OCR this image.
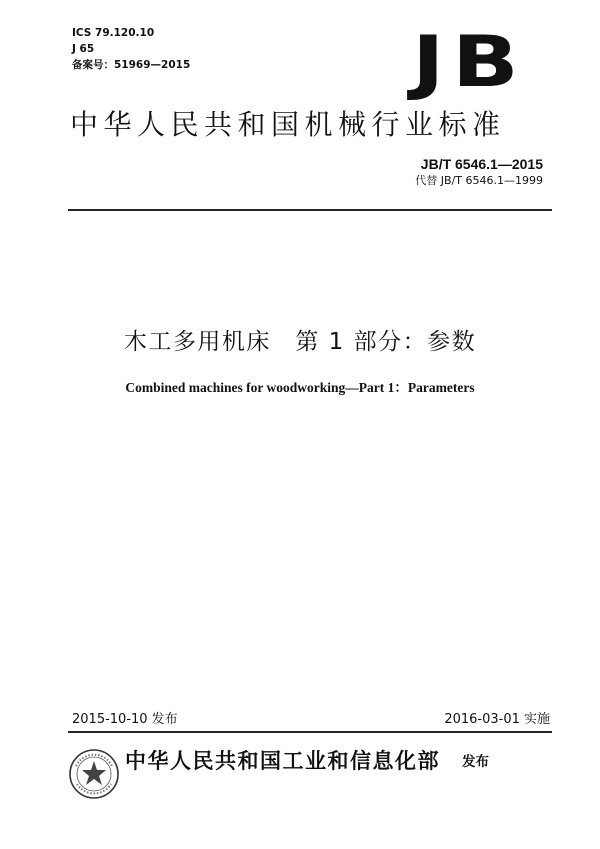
ICS 79.120.10
J 65
备案号：51969—2015	JB
中华人民共和国机械行业标准
JB/T 6546.1—2015
代替 JB/T 6546.1—1999
木工多用机床　第 1 部分：参数
Combined machines for woodworking—Part 1：Parameters
2015-10-10 发布	2016-03-01 实施
中华人民共和国工业和信息化部 发布
